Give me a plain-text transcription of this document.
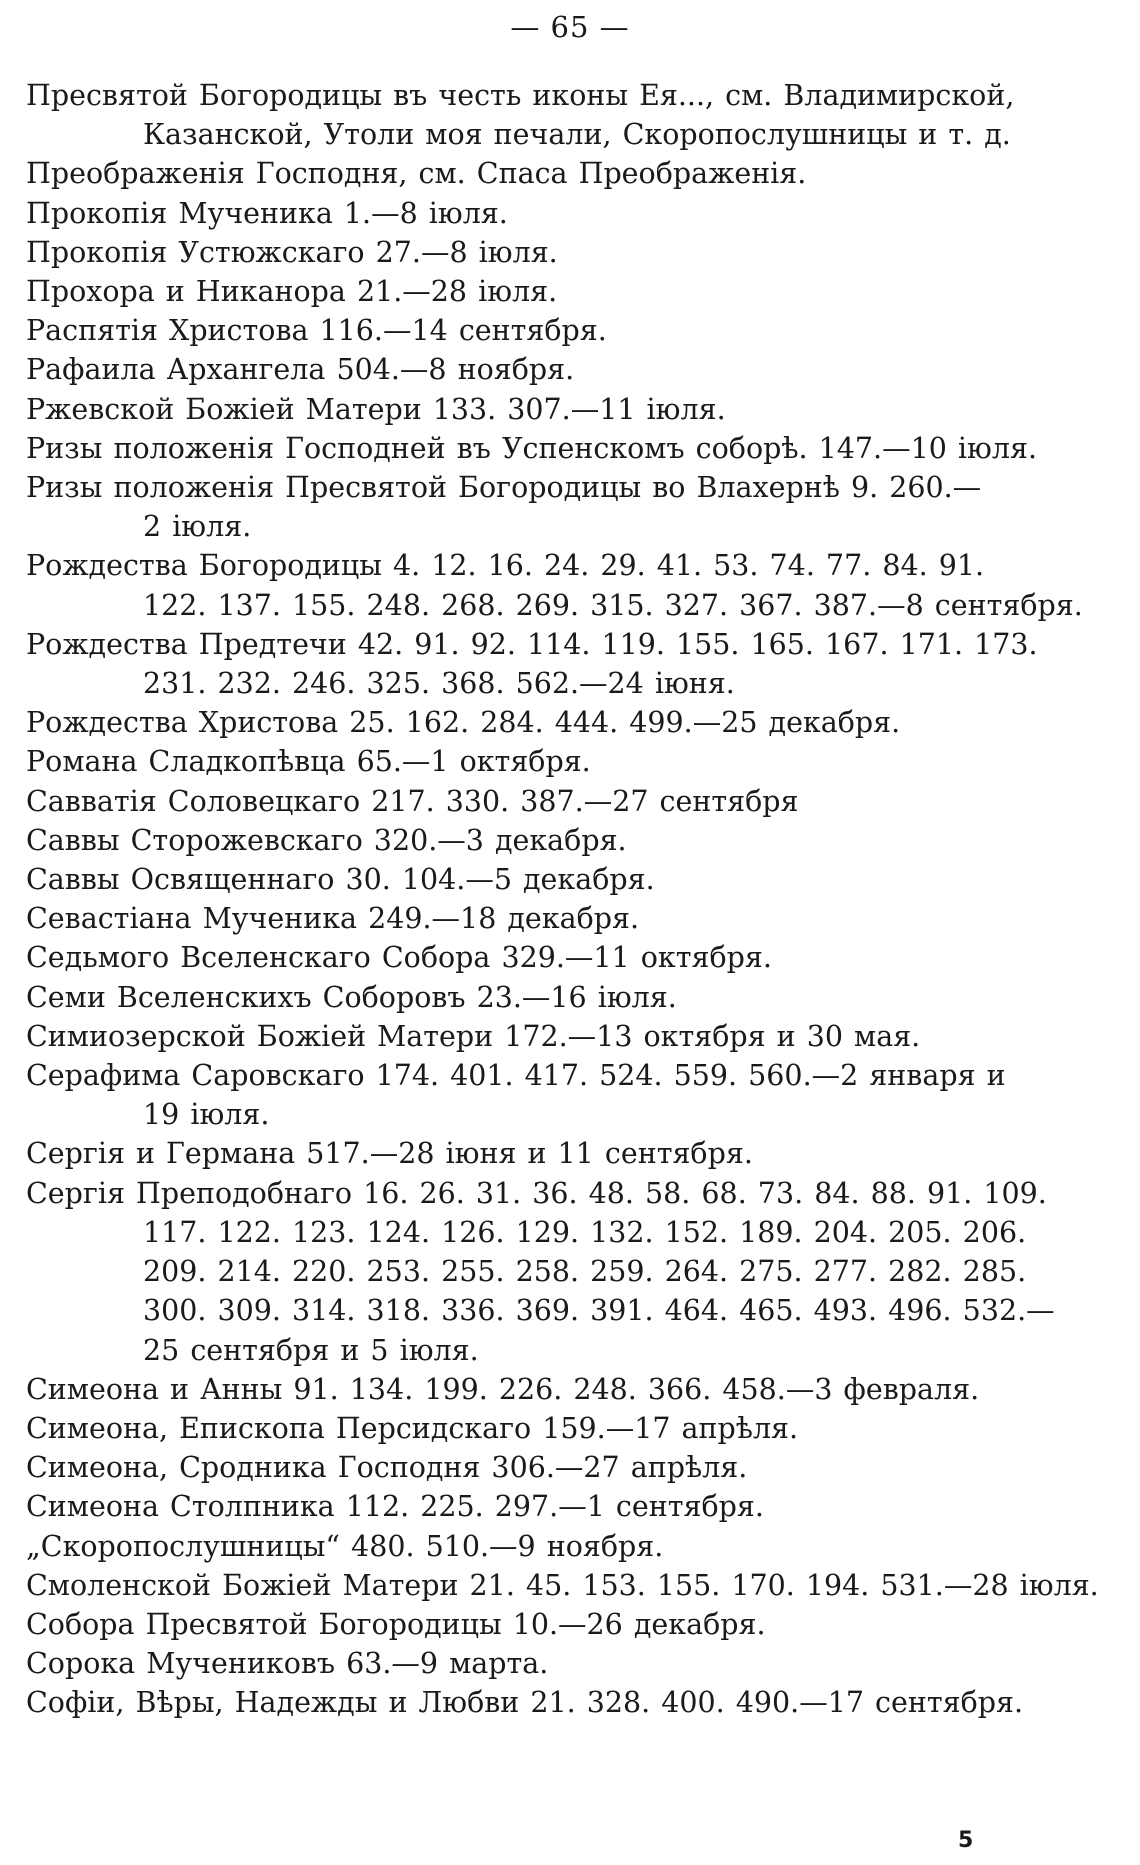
— 65 —
Пресвятой Богородицы въ честь иконы Ея..., см. Владимирской,
Казанской, Утоли моя печали, Скоропослушницы и т. д.
Преображенія Господня, см. Спаса Преображенія.
Прокопія Мученика 1.—8 іюля.
Прокопія Устюжскаго 27.—8 іюля.
Прохора и Никанора 21.—28 іюля.
Распятія Христова 116.—14 сентября.
Рафаила Архангела 504.—8 ноября.
Ржевской Божіей Матери 133. 307.—11 іюля.
Ризы положенія Господней въ Успенскомъ соборѣ. 147.—10 іюля.
Ризы положенія Пресвятой Богородицы во Влахернѣ 9. 260.—
2 іюля.
Рождества Богородицы 4. 12. 16. 24. 29. 41. 53. 74. 77. 84. 91.
122. 137. 155. 248. 268. 269. 315. 327. 367. 387.—8 сентября.
Рождества Предтечи 42. 91. 92. 114. 119. 155. 165. 167. 171. 173.
231. 232. 246. 325. 368. 562.—24 іюня.
Рождества Христова 25. 162. 284. 444. 499.—25 декабря.
Романа Сладкопѣвца 65.—1 октября.
Савватія Соловецкаго 217. 330. 387.—27 сентября
Саввы Сторожевскаго 320.—3 декабря.
Саввы Освященнаго 30. 104.—5 декабря.
Севастіана Мученика 249.—18 декабря.
Седьмого Вселенскаго Собора 329.—11 октября.
Семи Вселенскихъ Соборовъ 23.—16 іюля.
Симиозерской Божіей Матери 172.—13 октября и 30 мая.
Серафима Саровскаго 174. 401. 417. 524. 559. 560.—2 января и
19 іюля.
Сергія и Германа 517.—28 іюня и 11 сентября.
Сергія Преподобнаго 16. 26. 31. 36. 48. 58. 68. 73. 84. 88. 91. 109.
117. 122. 123. 124. 126. 129. 132. 152. 189. 204. 205. 206.
209. 214. 220. 253. 255. 258. 259. 264. 275. 277. 282. 285.
300. 309. 314. 318. 336. 369. 391. 464. 465. 493. 496. 532.—
25 сентября и 5 іюля.
Симеона и Анны 91. 134. 199. 226. 248. 366. 458.—3 февраля.
Симеона, Епископа Персидскаго 159.—17 апрѣля.
Симеона, Сродника Господня 306.—27 апрѣля.
Симеона Столпника 112. 225. 297.—1 сентября.
„Скоропослушницы“ 480. 510.—9 ноября.
Смоленской Божіей Матери 21. 45. 153. 155. 170. 194. 531.—28 іюля.
Собора Пресвятой Богородицы 10.—26 декабря.
Сорока Мучениковъ 63.—9 марта.
Софіи, Вѣры, Надежды и Любви 21. 328. 400. 490.—17 сентября.
5
